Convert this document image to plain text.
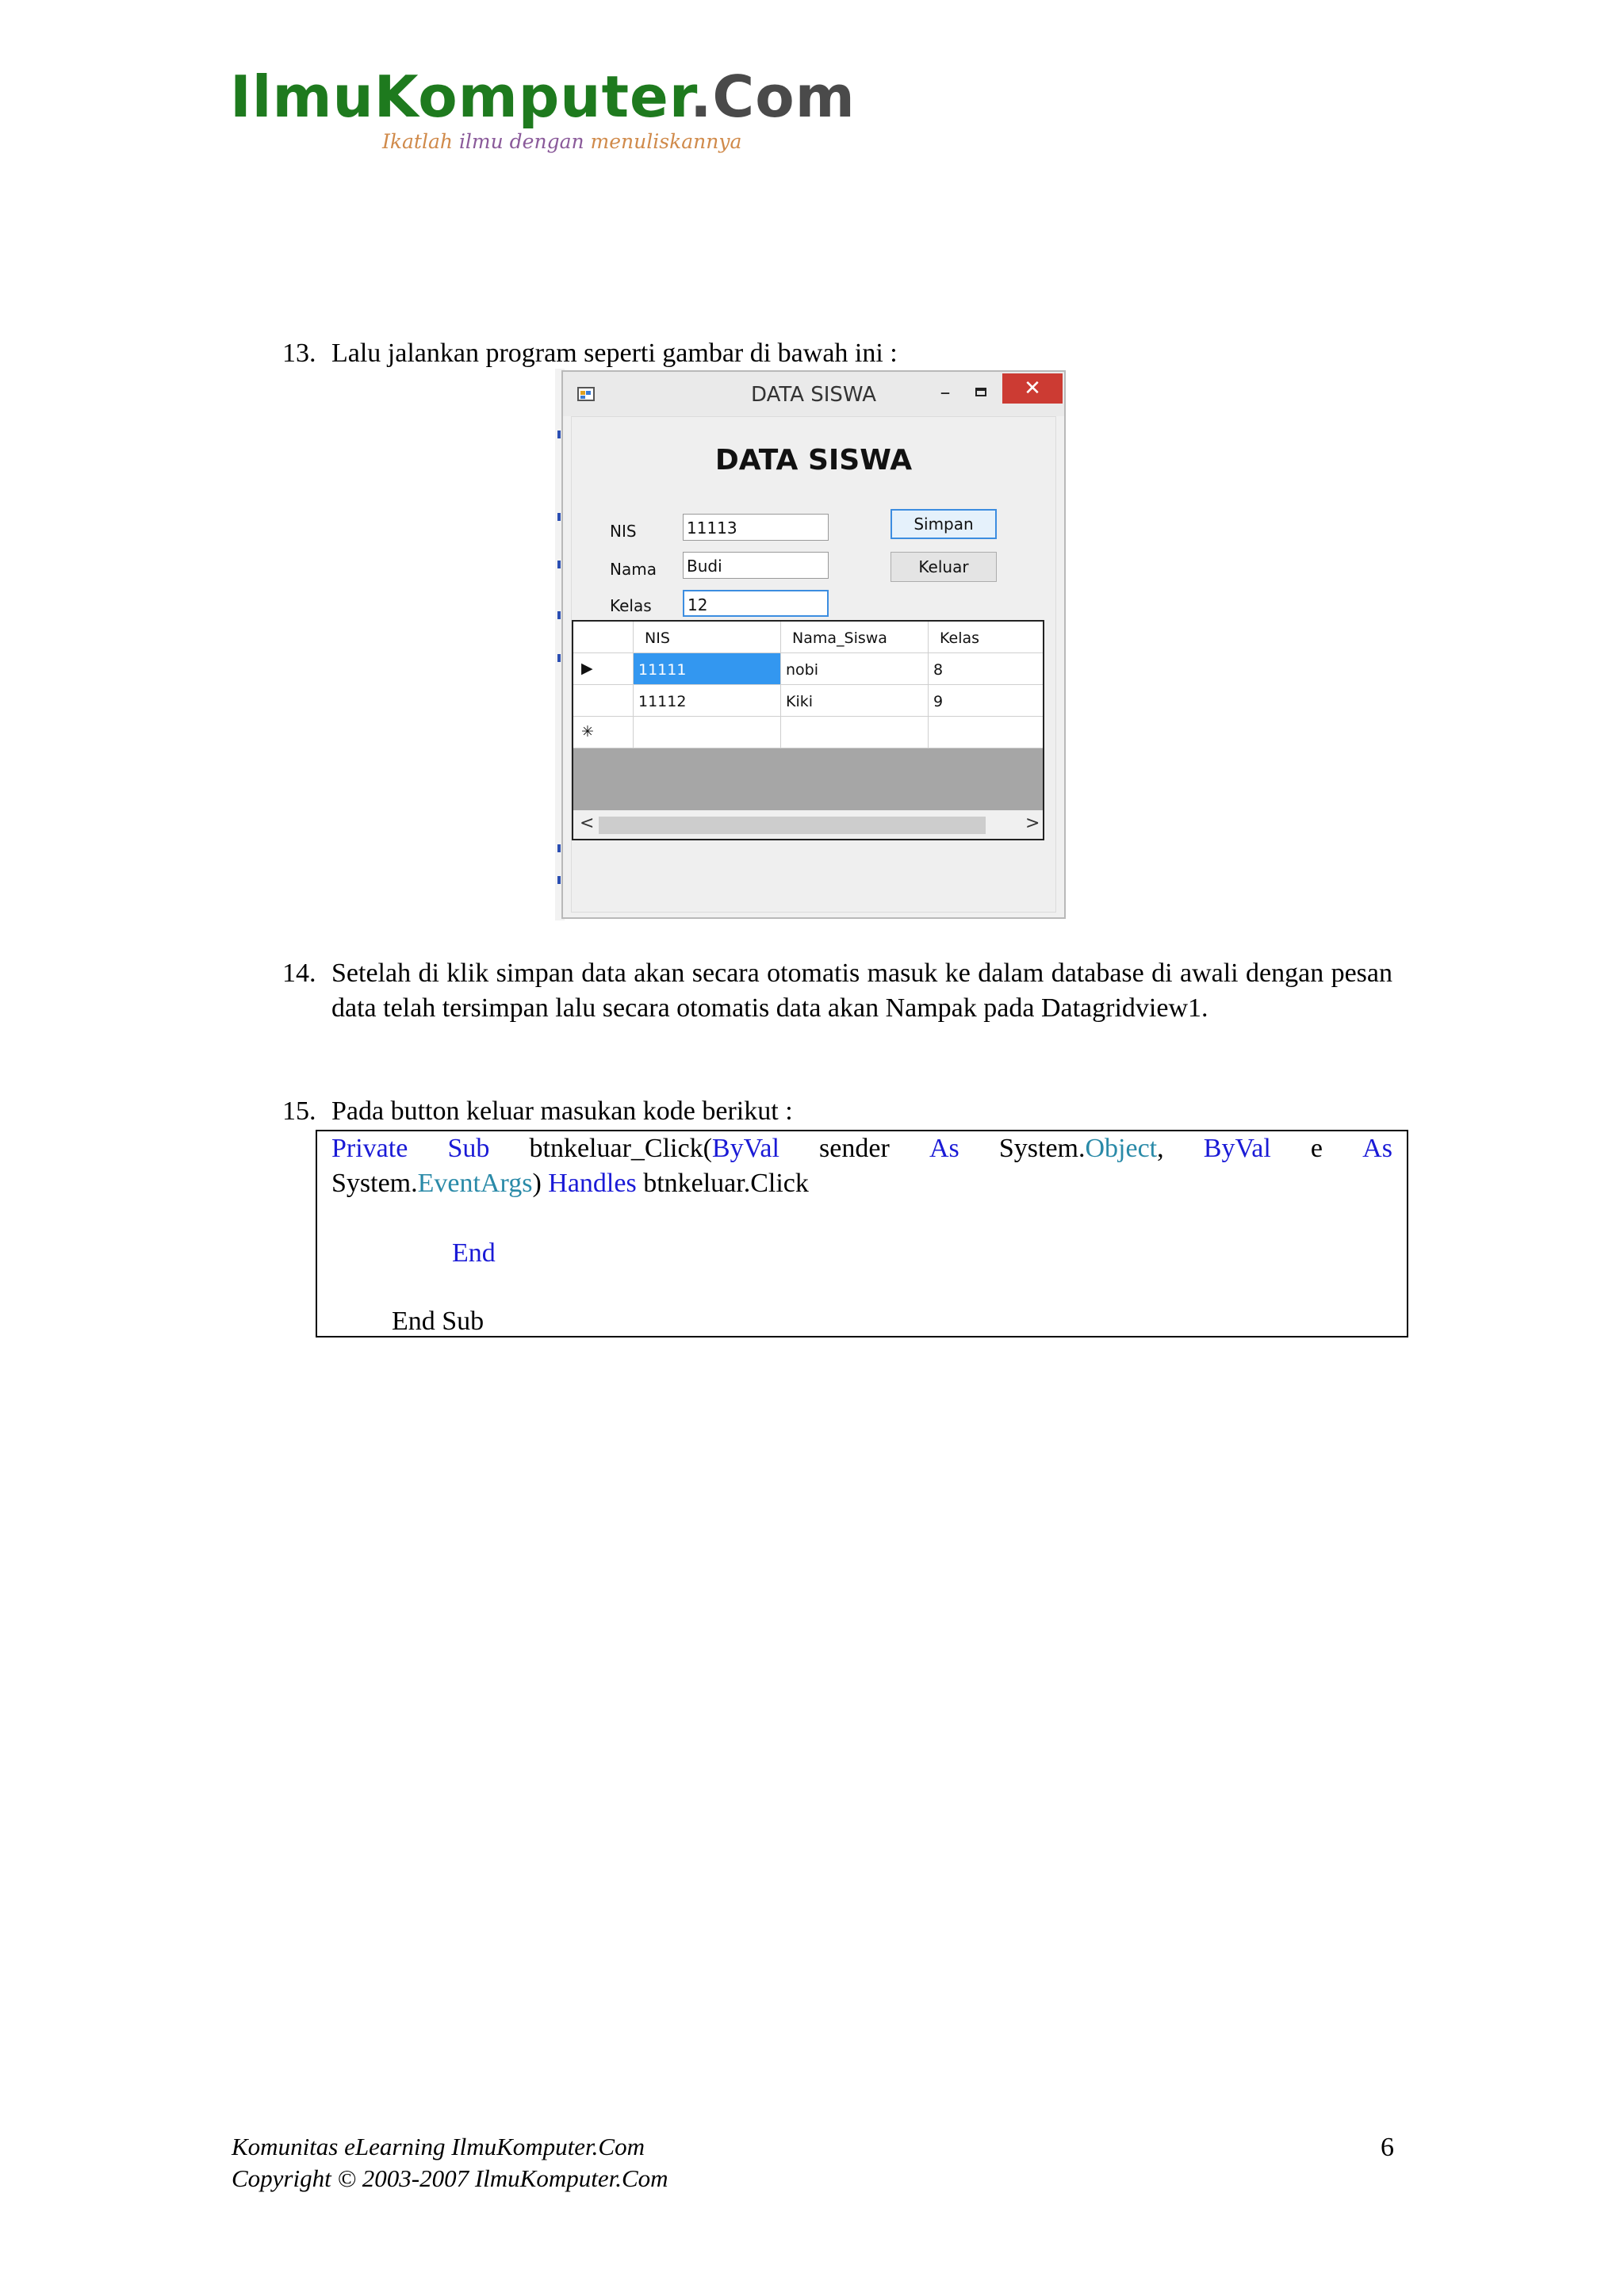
IlmuKomputer.Com
Ikatlah ilmu dengan menuliskannya
13. Lalu jalankan program seperti gambar di bawah ini :
DATA SISWA	–	✕
DATA SISWA
NIS	11113
Nama Budi
Kelas	12
Simpan
Keluar
NIS	Nama_Siswa	Kelas
▶	11111	nobi	8
11112	Kiki	9
✳
<	>
14. Setelah di klik simpan data akan secara otomatis masuk ke dalam database di awali dengan pesan data telah tersimpan lalu secara otomatis data akan Nampak pada Datagridview1.
15. Pada button keluar masukan kode berikut :
Private Sub btnkeluar_Click(ByVal sender As System.Object, ByVal e As
System.EventArgs) Handles btnkeluar.Click
End
End Sub
Komunitas eLearning IlmuKomputer.Com
Copyright © 2003-2007 IlmuKomputer.Com
6
